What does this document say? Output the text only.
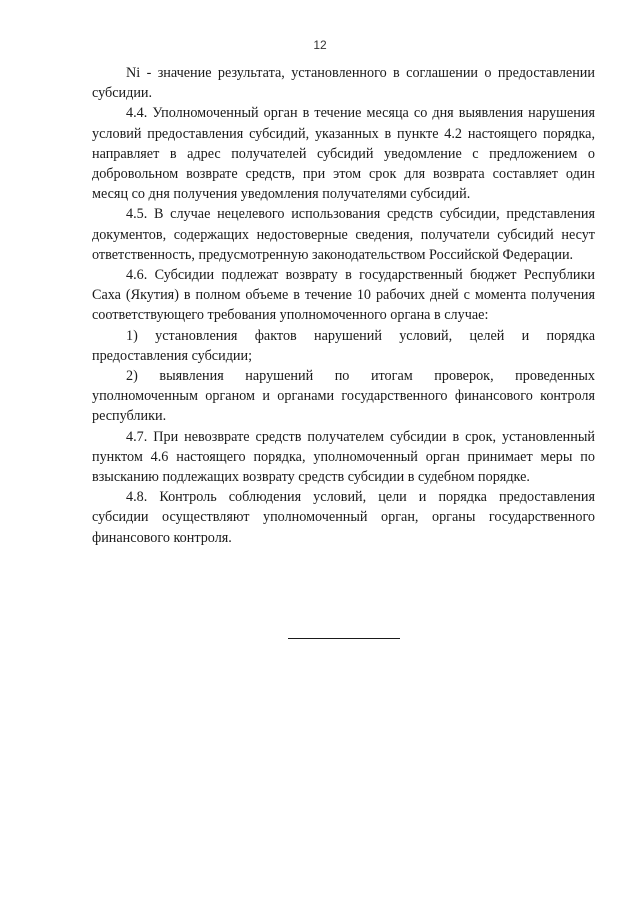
12

Ni - значение результата, установленного в соглашении о предоставлении субсидии.

4.4. Уполномоченный орган в течение месяца со дня выявления нарушения условий предоставления субсидий, указанных в пункте 4.2 настоящего порядка, направляет в адрес получателей субсидий уведомление с предложением о добровольном возврате средств, при этом срок для возврата составляет один месяц со дня получения уведомления получателями субсидий.

4.5. В случае нецелевого использования средств субсидии, представления документов, содержащих недостоверные сведения, получатели субсидий несут ответственность, предусмотренную законодательством Российской Федерации.

4.6. Субсидии подлежат возврату в государственный бюджет Республики Саха (Якутия) в полном объеме в течение 10 рабочих дней с момента получения соответствующего требования уполномоченного органа в случае:

1) установления фактов нарушений условий, целей и порядка предоставления субсидии;

2) выявления нарушений по итогам проверок, проведенных уполномоченным органом и органами государственного финансового контроля республики.

4.7. При невозврате средств получателем субсидии в срок, установленный пунктом 4.6 настоящего порядка, уполномоченный орган принимает меры по взысканию подлежащих возврату средств субсидии в судебном порядке.

4.8. Контроль соблюдения условий, цели и порядка предоставления субсидии осуществляют уполномоченный орган, органы государственного финансового контроля.
